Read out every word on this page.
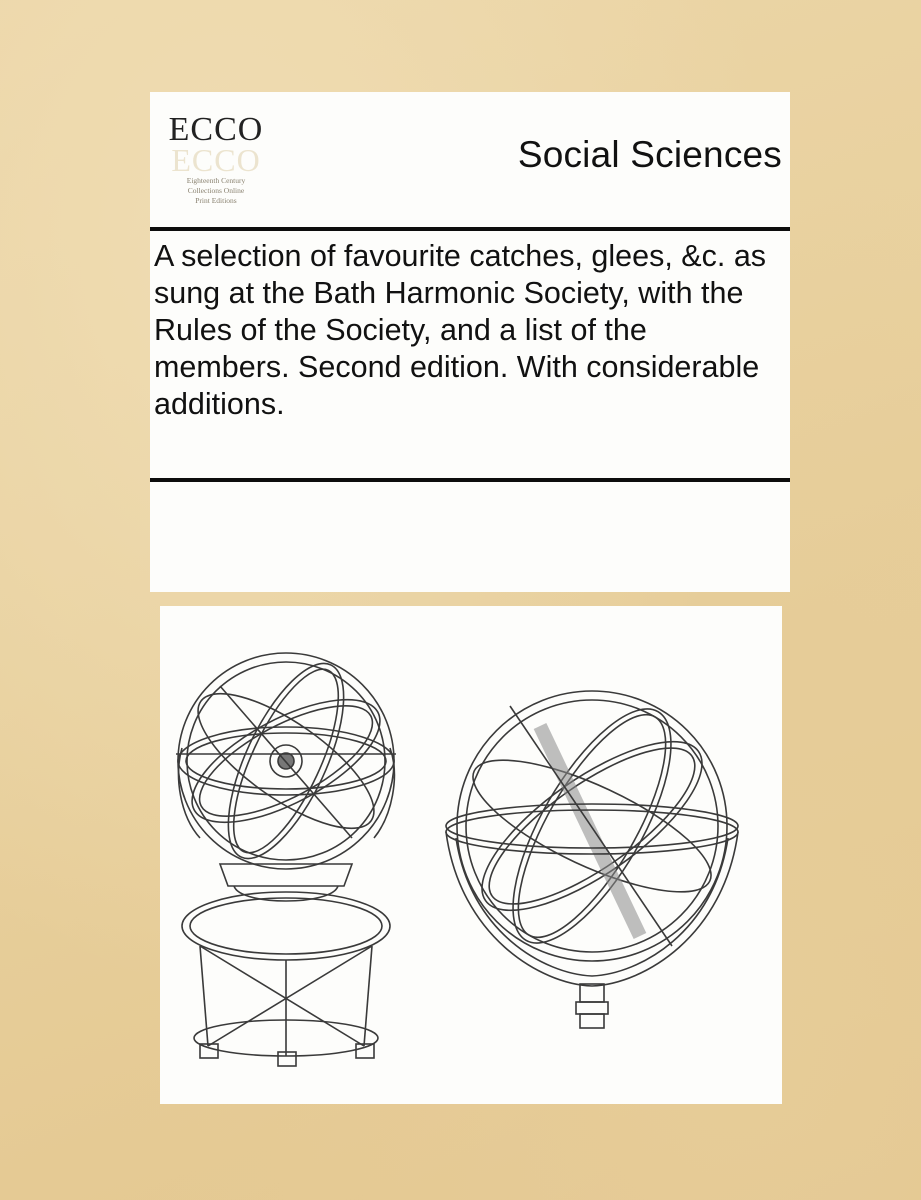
ECCO
ECCO
Eighteenth Century
Collections Online
Print Editions
Social Sciences
A selection of favourite catches, glees, &c. as sung at the Bath Harmonic Society, with the Rules of the Society, and a list of the members. Second edition. With considerable additions.
